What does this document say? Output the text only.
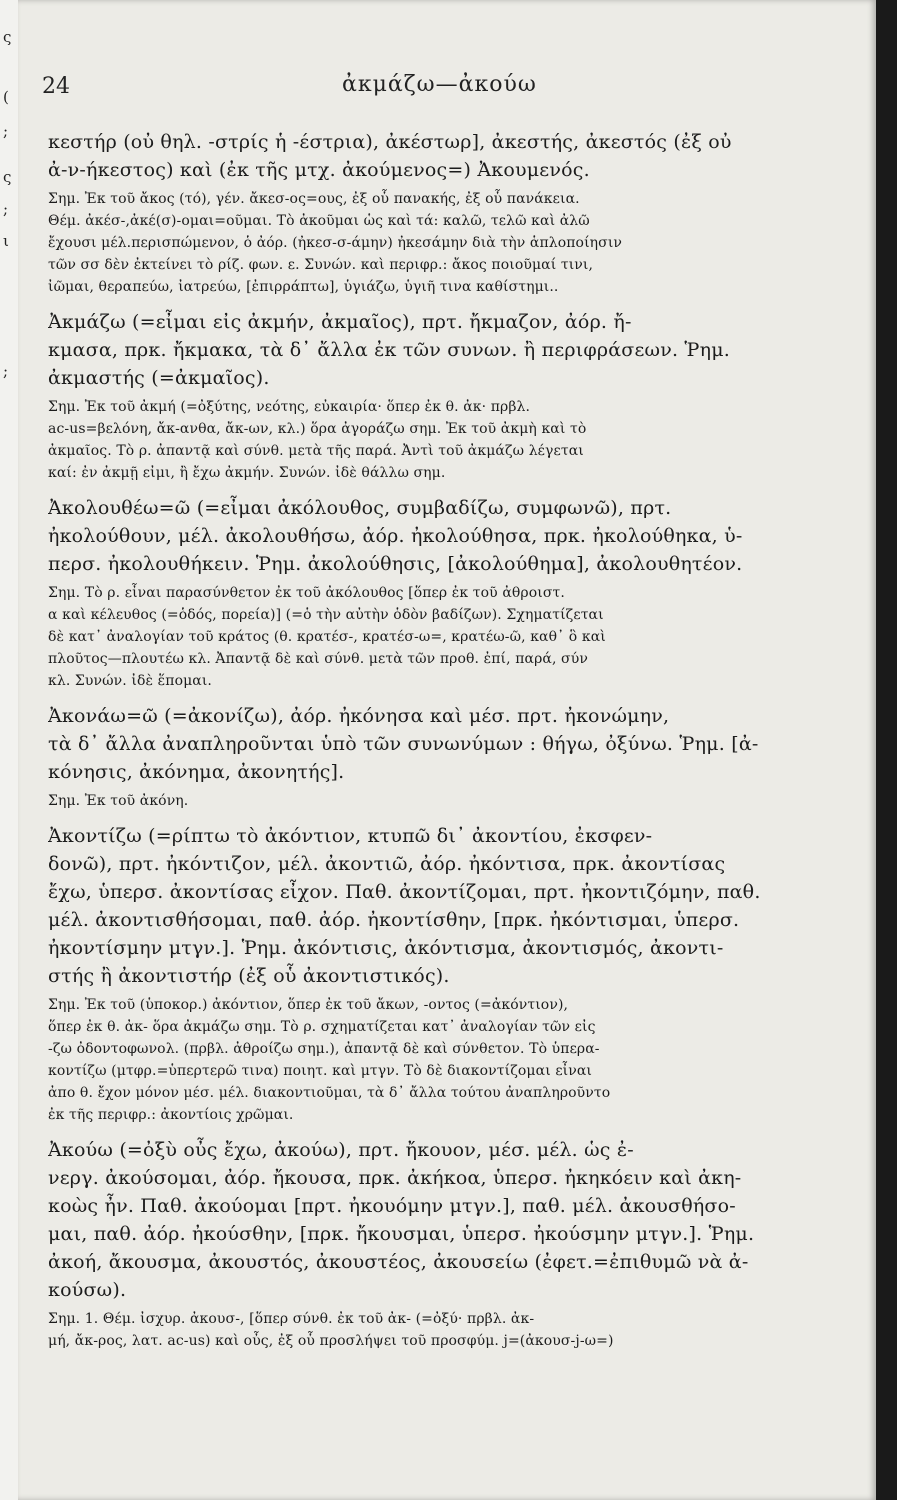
ς
(
;
ς
;
ι
;
24	ἀκμάζω—ἀκούω
κεστήρ (οὐ θηλ. -στρίς ἡ -έστρια), ἀκέστωρ], ἀκεστής, ἀκεστός (ἐξ οὐ
ἀ-ν-ήκεστος) καὶ (ἐκ τῆς μτχ. ἀκούμενος=) Ἀκουμενός.
Σημ. Ἐκ τοῦ ἄκος (τό), γέν. ἄκεσ-ος=ους, ἐξ οὗ πανακής, ἐξ οὗ πανάκεια.
Θέμ. ἀκέσ-,ἀκέ(σ)-ομαι=οῦμαι. Τὸ ἀκοῦμαι ὡς καὶ τά: καλῶ, τελῶ καὶ ἀλῶ
ἔχουσι μέλ.περισπώμενον, ὁ ἀόρ. (ἠκεσ-σ-άμην) ἠκεσάμην διὰ τὴν ἁπλοποίησιν
τῶν σσ δὲν ἐκτείνει τὸ ρίζ. φων. ε. Συνών. καὶ περιφρ.: ἄκος ποιοῦμαί τινι,
ἰῶμαι, θεραπεύω, ἰατρεύω, [ἐπιρράπτω], ὑγιάζω, ὑγιῆ τινα καθίστημι..
Ἀκμάζω (=εἶμαι εἰς ἀκμήν, ἀκμαῖος), πρτ. ἤκμαζον, ἀόρ. ἤ-
κμασα, πρκ. ἤκμακα, τὰ δ᾿ ἄλλα ἐκ τῶν συνων. ἢ περιφράσεων. Ῥημ.
ἀκμαστής (=ἀκμαῖος).
Σημ. Ἐκ τοῦ ἀκμή (=ὀξύτης, νεότης, εὐκαιρία· ὅπερ ἐκ θ. ἀκ· πρβλ.
ac-us=βελόνη, ἄκ-ανθα, ἄκ-ων, κλ.) ὅρα ἀγοράζω σημ. Ἐκ τοῦ ἀκμὴ καὶ τὸ
ἀκμαῖος. Τὸ ρ. ἀπαντᾷ καὶ σύνθ. μετὰ τῆς παρά. Ἀντὶ τοῦ ἀκμάζω λέγεται
καί: ἐν ἀκμῇ εἰμι, ἢ ἔχω ἀκμήν. Συνών. ἰδὲ θάλλω σημ.
Ἀκολουθέω=ῶ (=εἶμαι ἀκόλουθος, συμβαδίζω, συμφωνῶ), πρτ.
ἠκολούθουν, μέλ. ἀκολουθήσω, ἀόρ. ἠκολούθησα, πρκ. ἠκολούθηκα, ὑ-
περσ. ἠκολουθήκειν. Ῥημ. ἀκολούθησις, [ἀκολούθημα], ἀκολουθητέον.
Σημ. Τὸ ρ. εἶναι παρασύνθετον ἐκ τοῦ ἀκόλουθος [ὅπερ ἐκ τοῦ ἀθροιστ.
α καὶ κέλευθος (=ὁδός, πορεία)] (=ὁ τὴν αὐτὴν ὁδὸν βαδίζων). Σχηματίζεται
δὲ κατ᾿ ἀναλογίαν τοῦ κράτος (θ. κρατέσ-, κρατέσ-ω=, κρατέω-ῶ, καθ᾿ ὃ καὶ
πλοῦτος—πλουτέω κλ. Ἀπαντᾷ δὲ καὶ σύνθ. μετὰ τῶν προθ. ἐπί, παρά, σύν
κλ. Συνών. ἰδὲ ἕπομαι.
Ἀκονάω=ῶ (=ἀκονίζω), ἀόρ. ἠκόνησα καὶ μέσ. πρτ. ἠκονώμην,
τὰ δ᾿ ἄλλα ἀναπληροῦνται ὑπὸ τῶν συνωνύμων : θήγω, ὀξύνω. Ῥημ. [ἀ-
κόνησις, ἀκόνημα, ἀκονητής].
Σημ. Ἐκ τοῦ ἀκόνη.
Ἀκοντίζω (=ρίπτω τὸ ἀκόντιον, κτυπῶ δι᾿ ἀκοντίου, ἐκσφεν-
δονῶ), πρτ. ἠκόντιζον, μέλ. ἀκοντιῶ, ἀόρ. ἠκόντισα, πρκ. ἀκοντίσας
ἔχω, ὑπερσ. ἀκοντίσας εἶχον. Παθ. ἀκοντίζομαι, πρτ. ἠκοντιζόμην, παθ.
μέλ. ἀκοντισθήσομαι, παθ. ἀόρ. ἠκοντίσθην, [πρκ. ἠκόντισμαι, ὑπερσ.
ἠκοντίσμην μτγν.]. Ῥημ. ἀκόντισις, ἀκόντισμα, ἀκοντισμός, ἀκοντι-
στής ἢ ἀκοντιστήρ (ἐξ οὗ ἀκοντιστικός).
Σημ. Ἐκ τοῦ (ὑποκορ.) ἀκόντιον, ὅπερ ἐκ τοῦ ἄκων, -οντος (=ἀκόντιον),
ὅπερ ἐκ θ. ἀκ- ὅρα ἀκμάζω σημ. Τὸ ρ. σχηματίζεται κατ᾿ ἀναλογίαν τῶν εἰς
-ζω ὀδοντοφωνολ. (πρβλ. ἀθροίζω σημ.), ἀπαντᾷ δὲ καὶ σύνθετον. Τὸ ὑπερα-
κοντίζω (μτφρ.=ὑπερτερῶ τινα) ποιητ. καὶ μτγν. Τὸ δὲ διακοντίζομαι εἶναι
ἀπο θ. ἔχον μόνον μέσ. μέλ. διακοντιοῦμαι, τὰ δ᾿ ἄλλα τούτου ἀναπληροῦντο
ἐκ τῆς περιφρ.: ἀκοντίοις χρῶμαι.
Ἀκούω (=ὀξὺ οὖς ἔχω, ἀκούω), πρτ. ἤκουον, μέσ. μέλ. ὡς ἐ-
νεργ. ἀκούσομαι, ἀόρ. ἤκουσα, πρκ. ἀκήκοα, ὑπερσ. ἠκηκόειν καὶ ἀκη-
κοὼς ἦν. Παθ. ἀκούομαι [πρτ. ἠκουόμην μτγν.], παθ. μέλ. ἀκουσθήσο-
μαι, παθ. ἀόρ. ἠκούσθην, [πρκ. ἤκουσμαι, ὑπερσ. ἠκούσμην μτγν.]. Ῥημ.
ἀκοή, ἄκουσμα, ἀκουστός, ἀκουστέος, ἀκουσείω (ἐφετ.=ἐπιθυμῶ νὰ ἀ-
κούσω).
Σημ. 1. Θέμ. ἰσχυρ. ἀκουσ-, [ὅπερ σύνθ. ἐκ τοῦ ἀκ- (=ὀξύ· πρβλ. ἀκ-
μή, ἄκ-ρος, λατ. ac-us) καὶ οὖς, ἐξ οὗ προσλήψει τοῦ προσφύμ. j=(ἀκουσ-j-ω=)
